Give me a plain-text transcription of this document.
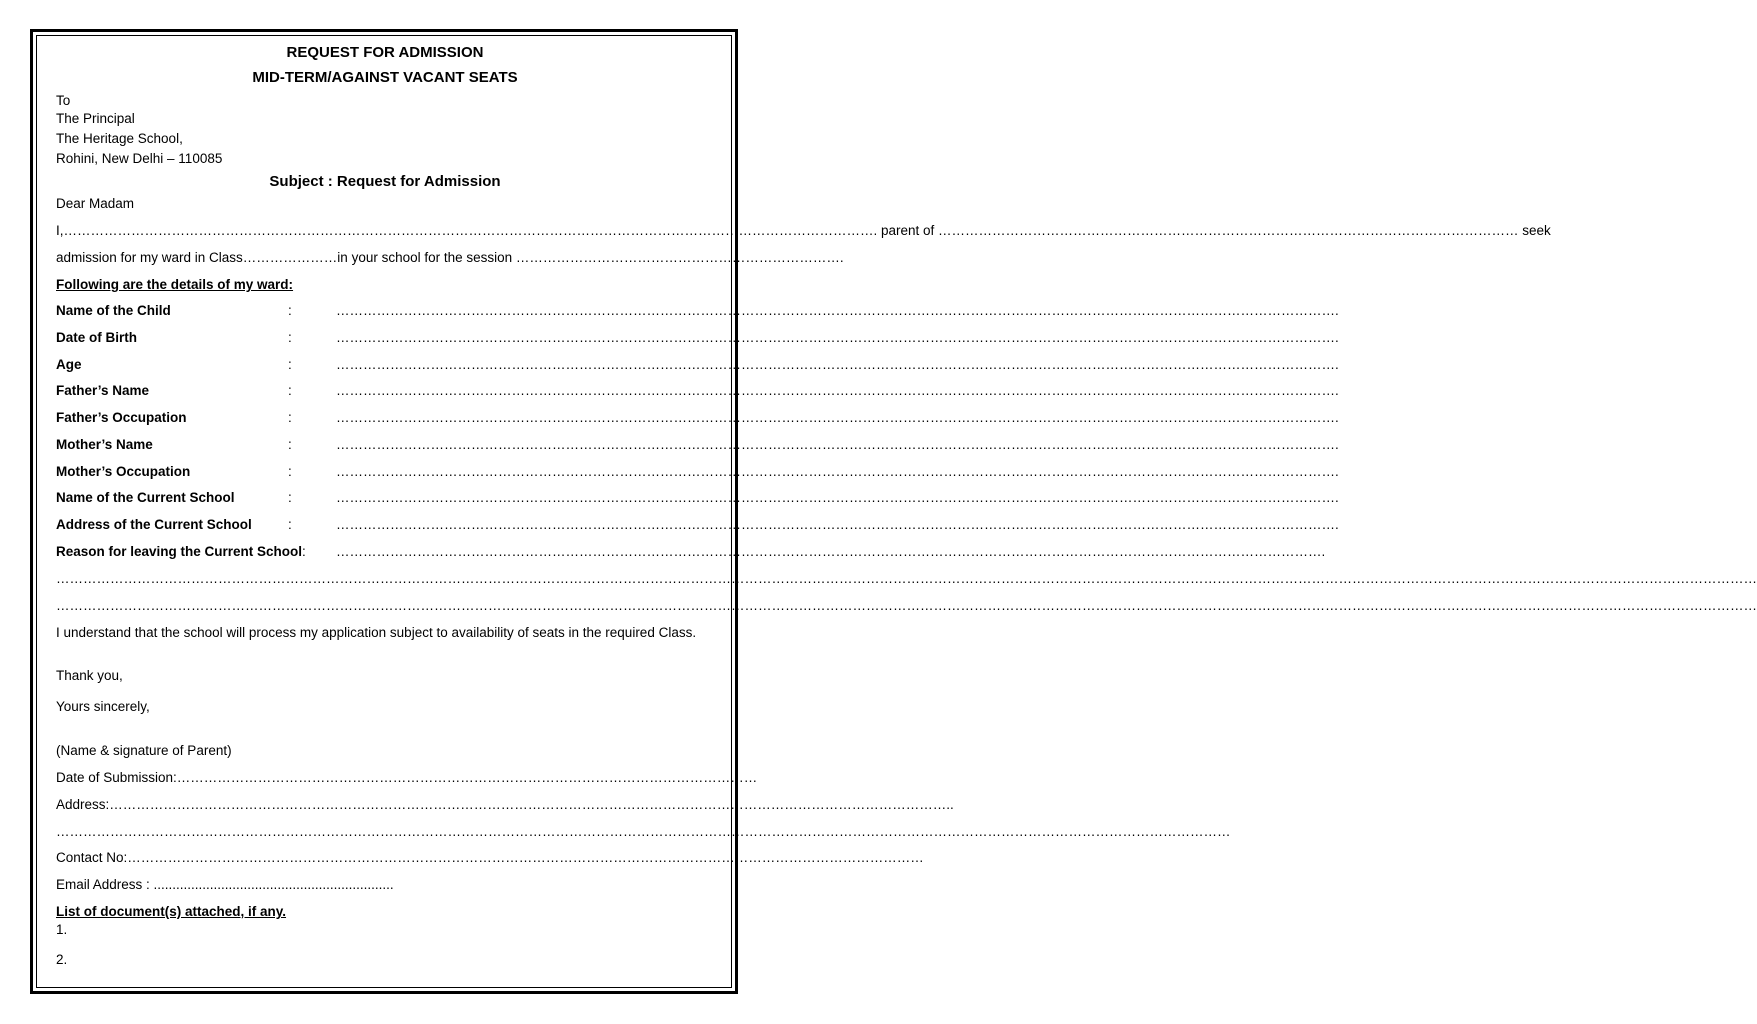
REQUEST FOR ADMISSION
MID-TERM/AGAINST VACANT SEATS
To
The Principal
The Heritage School,
Rohini, New Delhi – 110085
Subject : Request for Admission
Dear Madam
I,………………………………………………………………………………………………………………………………………………………………. parent of ………………………………………………………………………………………………………………… seek
admission for my ward in Class…………………in your school for the session ……………………………………………………………….
Following are the details of my ward:
Name of the Child	:	…………………………………………………………………………………………………………………………………………………………………………………………………….
Date of Birth	:	…………………………………………………………………………………………………………………………………………………………………………………………………….
Age	:	…………………………………………………………………………………………………………………………………………………………………………………………………….
Father’s Name	:	…………………………………………………………………………………………………………………………………………………………………………………………………….
Father’s Occupation	:	…………………………………………………………………………………………………………………………………………………………………………………………………….
Mother’s Name	:	…………………………………………………………………………………………………………………………………………………………………………………………………….
Mother’s Occupation	:	…………………………………………………………………………………………………………………………………………………………………………………………………….
Name of the Current School	:	…………………………………………………………………………………………………………………………………………………………………………………………………….
Address of the Current School	:	…………………………………………………………………………………………………………………………………………………………………………………………………….
Reason for leaving the Current School: ………………………………………………………………………………………………………………………………………………………………………………………………….
………………………………………………………………………………………………………………………………………………………………………………………………………………………………………………………………………………………………………………………………………………
………………………………………………………………………………………………………………………………………………………………………………………………………………………………………………………………………………………………………………………………………………
I understand that the school will process my application subject to availability of seats in the required Class.
Thank you,
Yours sincerely,
(Name & signature of Parent)
Date of Submission:…………………………………………………………………………………………………………………
Address:……………………………………………………………………………………………………………………………………………………………………..
………………………………………………………………………………………………………………………………………………………………………………………………………………………………………
Contact No:……………………………………………………………………………………………………………………………………………………………
Email Address : ................................................................
List of document(s) attached, if any.
1.
2.
